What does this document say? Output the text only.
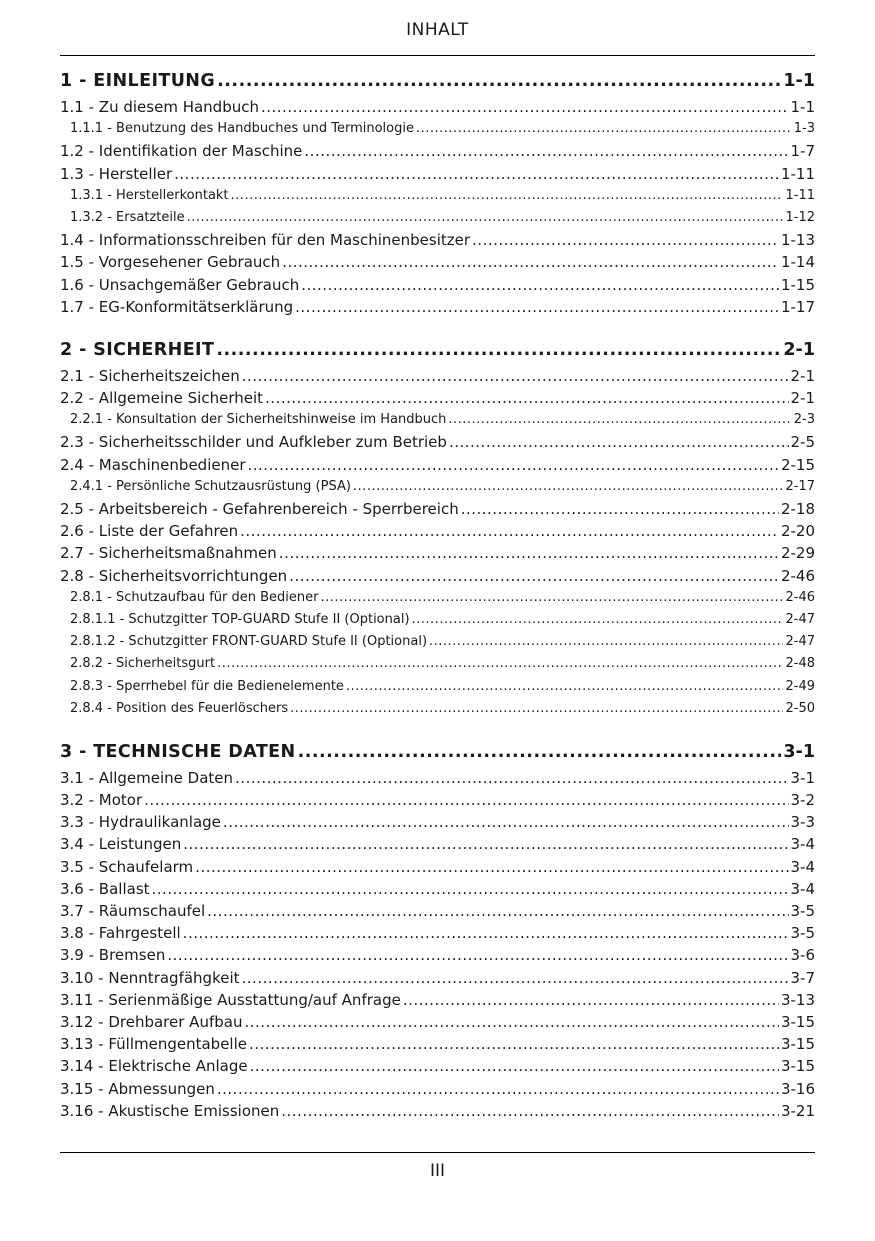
INHALT
1 - EINLEITUNG .....	1-1
1.1 - Zu diesem Handbuch .....	1-1
1.1.1 - Benutzung des Handbuches und Terminologie .....	1-3
1.2 - Identifikation der Maschine .....	1-7
1.3 - Hersteller .....	1-11
1.3.1 - Herstellerkontakt .....	1-11
1.3.2 - Ersatzteile .....	1-12
1.4 - Informationsschreiben für den Maschinenbesitzer .....	1-13
1.5 - Vorgesehener Gebrauch .....	1-14
1.6 - Unsachgemäßer Gebrauch .....	1-15
1.7 - EG-Konformitätserklärung .....	1-17
2 - SICHERHEIT .....	2-1
2.1 - Sicherheitszeichen .....	2-1
2.2 - Allgemeine Sicherheit .....	2-1
2.2.1 - Konsultation der Sicherheitshinweise im Handbuch .....	2-3
2.3 - Sicherheitsschilder und Aufkleber zum Betrieb .....	2-5
2.4 - Maschinenbediener .....	2-15
2.4.1 - Persönliche Schutzausrüstung (PSA) .....	2-17
2.5 - Arbeitsbereich - Gefahrenbereich - Sperrbereich .....	2-18
2.6 - Liste der Gefahren .....	2-20
2.7 - Sicherheitsmaßnahmen .....	2-29
2.8 - Sicherheitsvorrichtungen .....	2-46
2.8.1 - Schutzaufbau für den Bediener .....	2-46
2.8.1.1 - Schutzgitter TOP-GUARD Stufe II (Optional) .....	2-47
2.8.1.2 - Schutzgitter FRONT-GUARD Stufe II (Optional) .....	2-47
2.8.2 - Sicherheitsgurt .....	2-48
2.8.3 - Sperrhebel für die Bedienelemente .....	2-49
2.8.4 - Position des Feuerlöschers .....	2-50
3 - TECHNISCHE DATEN .....	3-1
3.1 - Allgemeine Daten .....	3-1
3.2 - Motor .....	3-2
3.3 - Hydraulikanlage .....	3-3
3.4 - Leistungen .....	3-4
3.5 - Schaufelarm .....	3-4
3.6 - Ballast .....	3-4
3.7 - Räumschaufel .....	3-5
3.8 - Fahrgestell .....	3-5
3.9 - Bremsen .....	3-6
3.10 - Nenntragfähgkeit .....	3-7
3.11 - Serienmäßige Ausstattung/auf Anfrage .....	3-13
3.12 - Drehbarer Aufbau .....	3-15
3.13 - Füllmengentabelle .....	3-15
3.14 - Elektrische Anlage .....	3-15
3.15 - Abmessungen .....	3-16
3.16 - Akustische Emissionen .....	3-21
III
